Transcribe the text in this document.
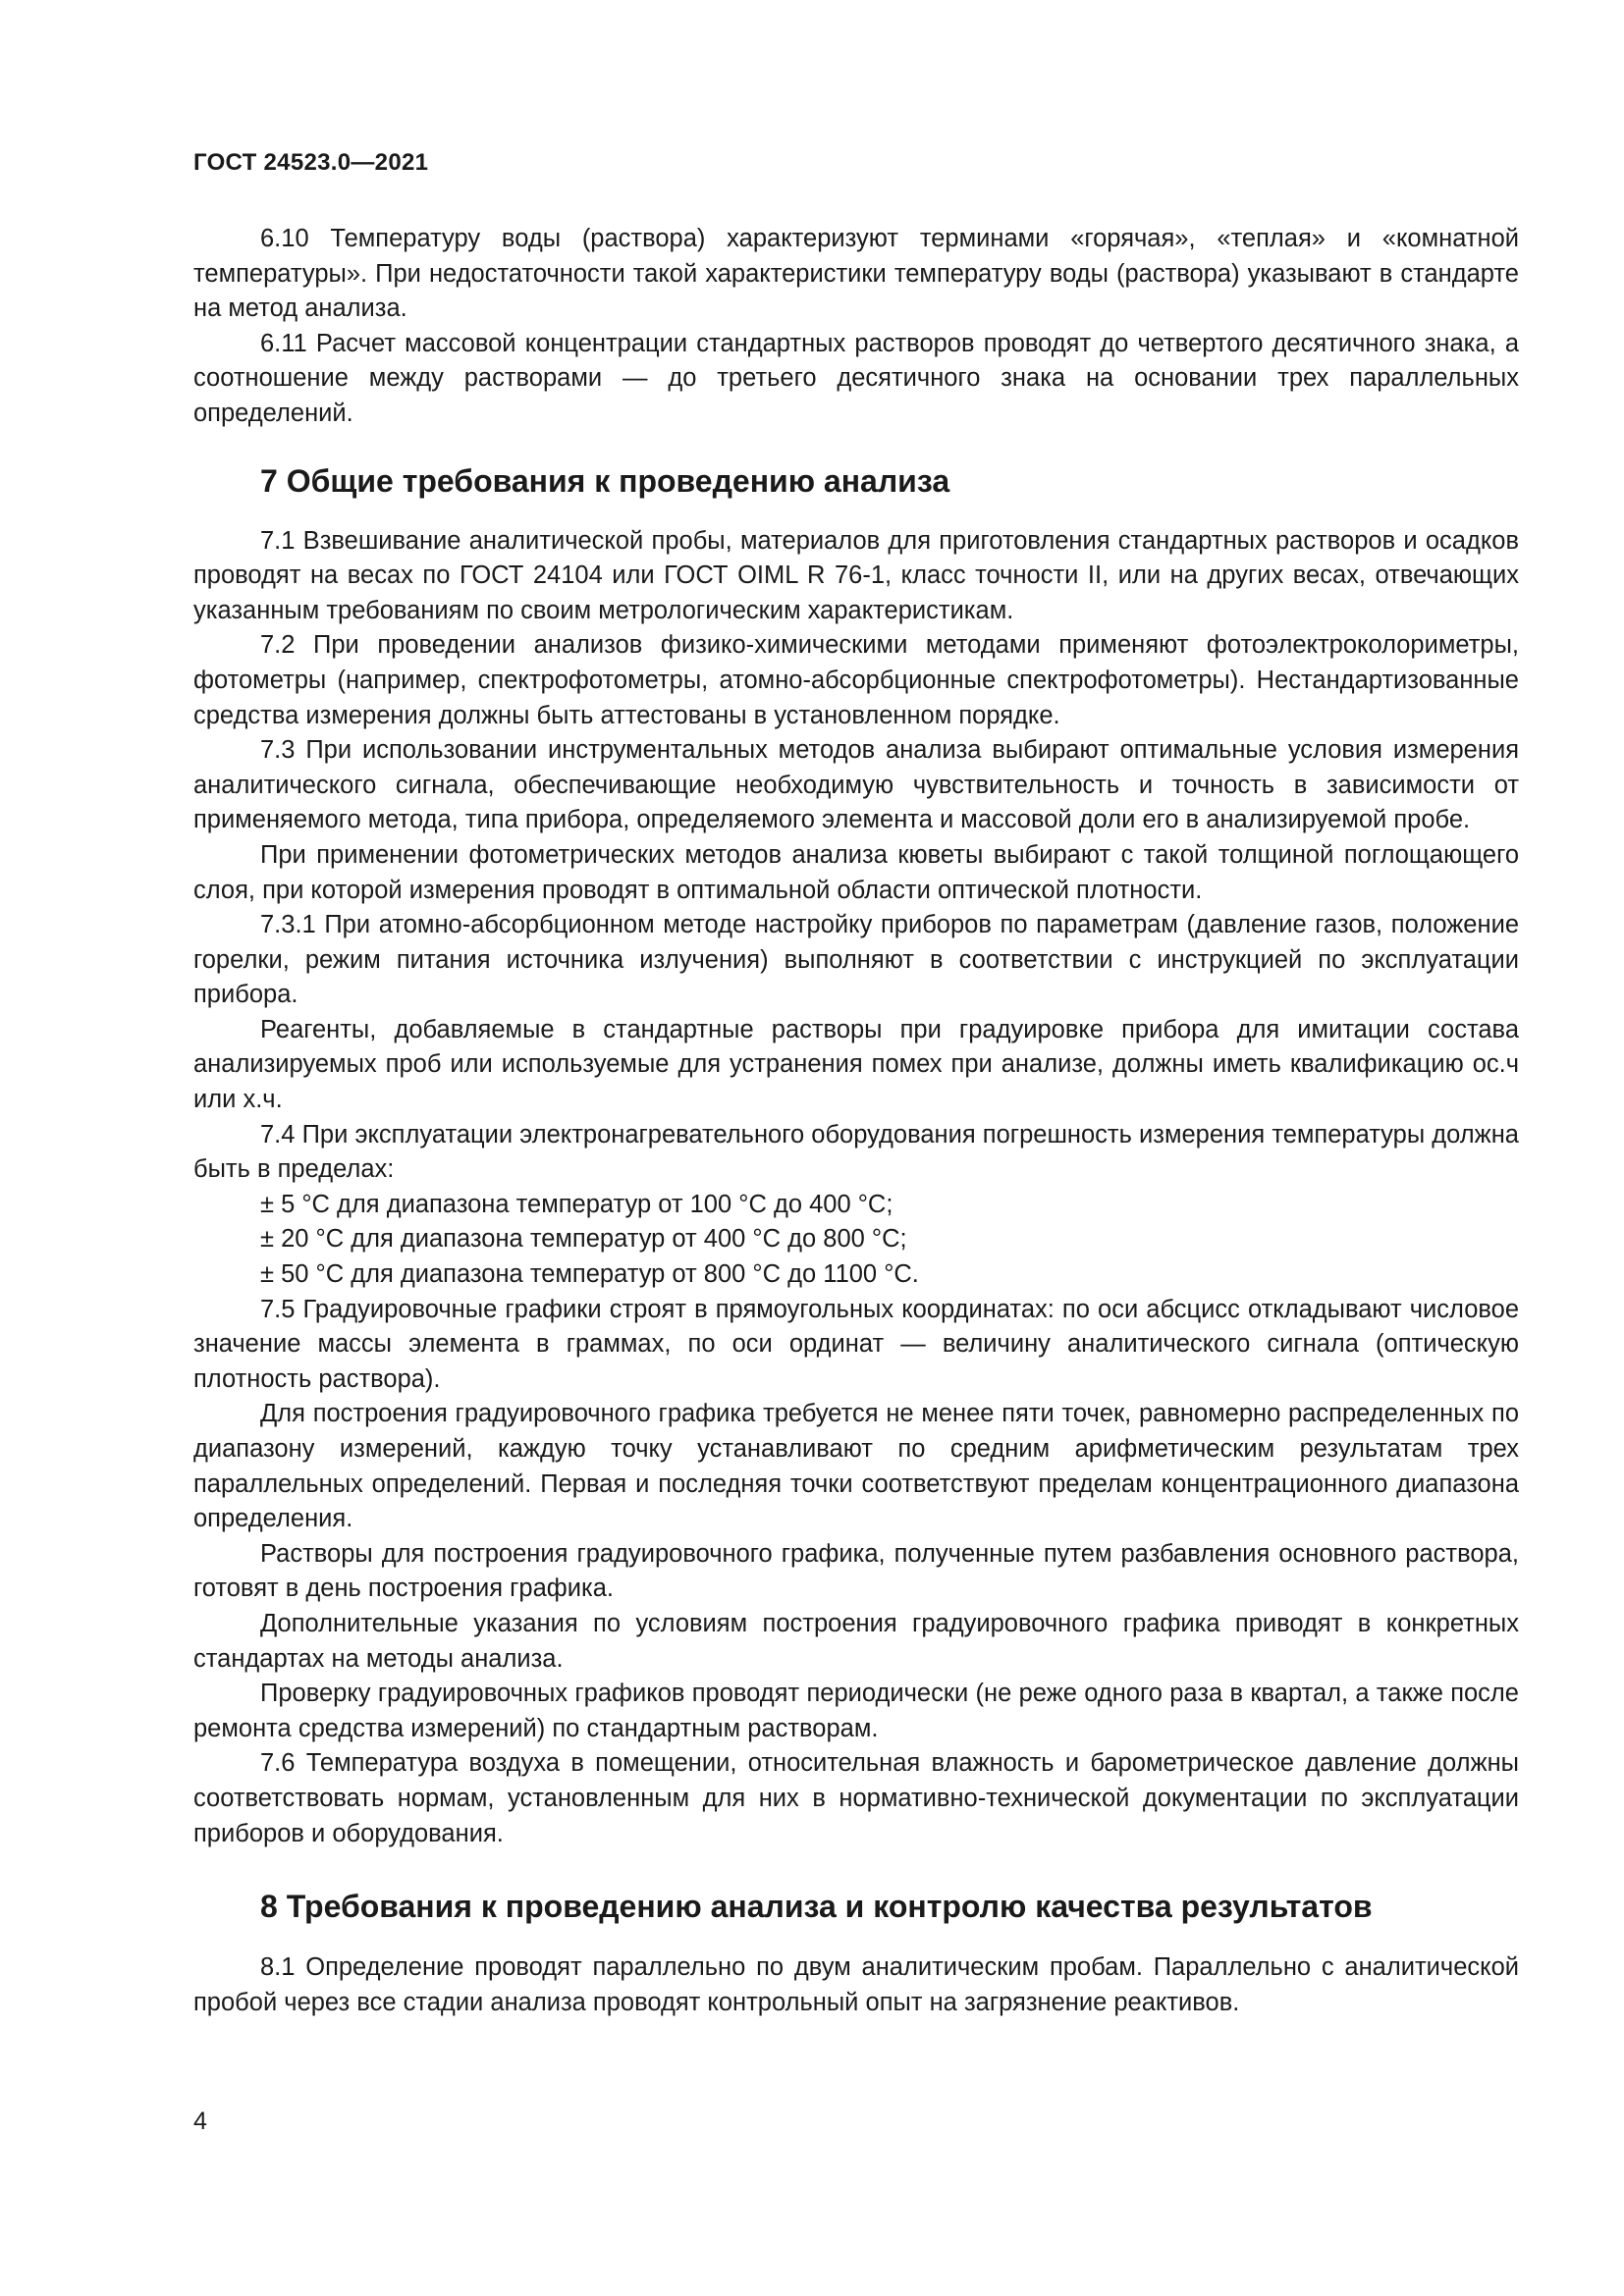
ГОСТ 24523.0—2021

6.10 Температуру воды (раствора) характеризуют терминами «горячая», «теплая» и «комнатной температуры». При недостаточности такой характеристики температуру воды (раствора) указывают в стандарте на метод анализа.

6.11 Расчет массовой концентрации стандартных растворов проводят до четвертого десятичного знака, а соотношение между растворами — до третьего десятичного знака на основании трех параллельных определений.

7 Общие требования к проведению анализа

7.1 Взвешивание аналитической пробы, материалов для приготовления стандартных растворов и осадков проводят на весах по ГОСТ 24104 или ГОСТ OIML R 76-1, класс точности II, или на других весах, отвечающих указанным требованиям по своим метрологическим характеристикам.

7.2 При проведении анализов физико-химическими методами применяют фотоэлектроколориметры, фотометры (например, спектрофотометры, атомно-абсорбционные спектрофотометры). Нестандартизованные средства измерения должны быть аттестованы в установленном порядке.

7.3 При использовании инструментальных методов анализа выбирают оптимальные условия измерения аналитического сигнала, обеспечивающие необходимую чувствительность и точность в зависимости от применяемого метода, типа прибора, определяемого элемента и массовой доли его в анализируемой пробе.

При применении фотометрических методов анализа кюветы выбирают с такой толщиной поглощающего слоя, при которой измерения проводят в оптимальной области оптической плотности.

7.3.1 При атомно-абсорбционном методе настройку приборов по параметрам (давление газов, положение горелки, режим питания источника излучения) выполняют в соответствии с инструкцией по эксплуатации прибора.

Реагенты, добавляемые в стандартные растворы при градуировке прибора для имитации состава анализируемых проб или используемые для устранения помех при анализе, должны иметь квалификацию ос.ч или х.ч.

7.4 При эксплуатации электронагревательного оборудования погрешность измерения температуры должна быть в пределах:

± 5 °С для диапазона температур от 100 °С до 400 °С;

± 20 °С для диапазона температур от 400 °С до 800 °С;

± 50 °С для диапазона температур от 800 °С до 1100 °С.

7.5 Градуировочные графики строят в прямоугольных координатах: по оси абсцисс откладывают числовое значение массы элемента в граммах, по оси ординат — величину аналитического сигнала (оптическую плотность раствора).

Для построения градуировочного графика требуется не менее пяти точек, равномерно распределенных по диапазону измерений, каждую точку устанавливают по средним арифметическим результатам трех параллельных определений. Первая и последняя точки соответствуют пределам концентрационного диапазона определения.

Растворы для построения градуировочного графика, полученные путем разбавления основного раствора, готовят в день построения графика.

Дополнительные указания по условиям построения градуировочного графика приводят в конкретных стандартах на методы анализа.

Проверку градуировочных графиков проводят периодически (не реже одного раза в квартал, а также после ремонта средства измерений) по стандартным растворам.

7.6 Температура воздуха в помещении, относительная влажность и барометрическое давление должны соответствовать нормам, установленным для них в нормативно-технической документации по эксплуатации приборов и оборудования.

8 Требования к проведению анализа и контролю качества результатов

8.1 Определение проводят параллельно по двум аналитическим пробам. Параллельно с аналитической пробой через все стадии анализа проводят контрольный опыт на загрязнение реактивов.

4
